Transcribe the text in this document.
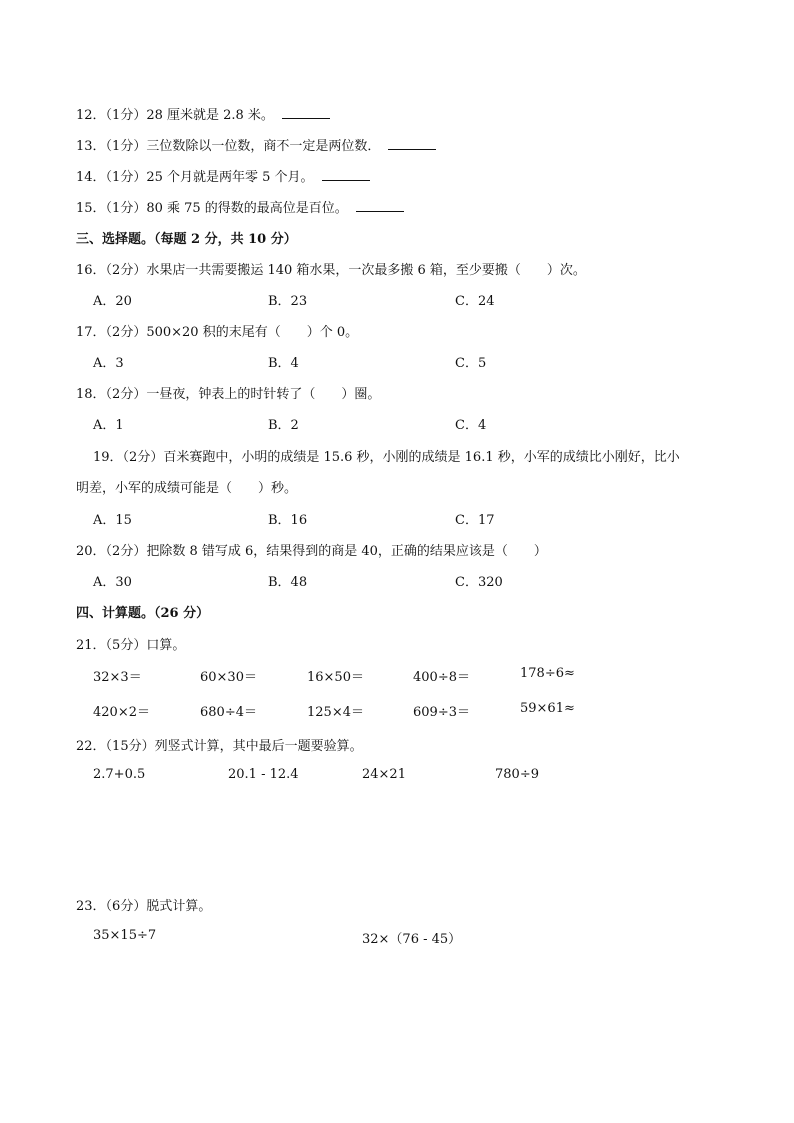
12．（1分）28 厘米就是 2.8 米。
13．（1分）三位数除以一位数，商不一定是两位数．
14．（1分）25 个月就是两年零 5 个月。
15．（1分）80 乘 75 的得数的最高位是百位。
三、选择题。（每题 2 分，共 10 分）
16．（2分）水果店一共需要搬运 140 箱水果，一次最多搬 6 箱，至少要搬（　　）次。
A．20	B．23	C．24
17．（2分）500×20 积的末尾有（　　）个 0。
A．3	B．4	C．5
18．（2分）一昼夜，钟表上的时针转了（　　）圈。
A．1	B．2	C．4
19．（2分）百米赛跑中，小明的成绩是 15.6 秒，小刚的成绩是 16.1 秒，小军的成绩比小刚好，比小
明差，小军的成绩可能是（　　）秒。
A．15	B．16	C．17
20．（2分）把除数 8 错写成 6，结果得到的商是 40，正确的结果应该是（　　）
A．30	B．48	C．320
四、计算题。（26 分）
21．（5分）口算。
32×3＝	60×30＝	16×50＝	400÷8＝	178÷6≈
420×2＝	680÷4＝	125×4＝	609÷3＝	59×61≈
22．（15分）列竖式计算，其中最后一题要验算。
2.7+0.5	20.1 - 12.4	24×21	780÷9
23．（6分）脱式计算。
35×15÷7	32×（76 - 45）
